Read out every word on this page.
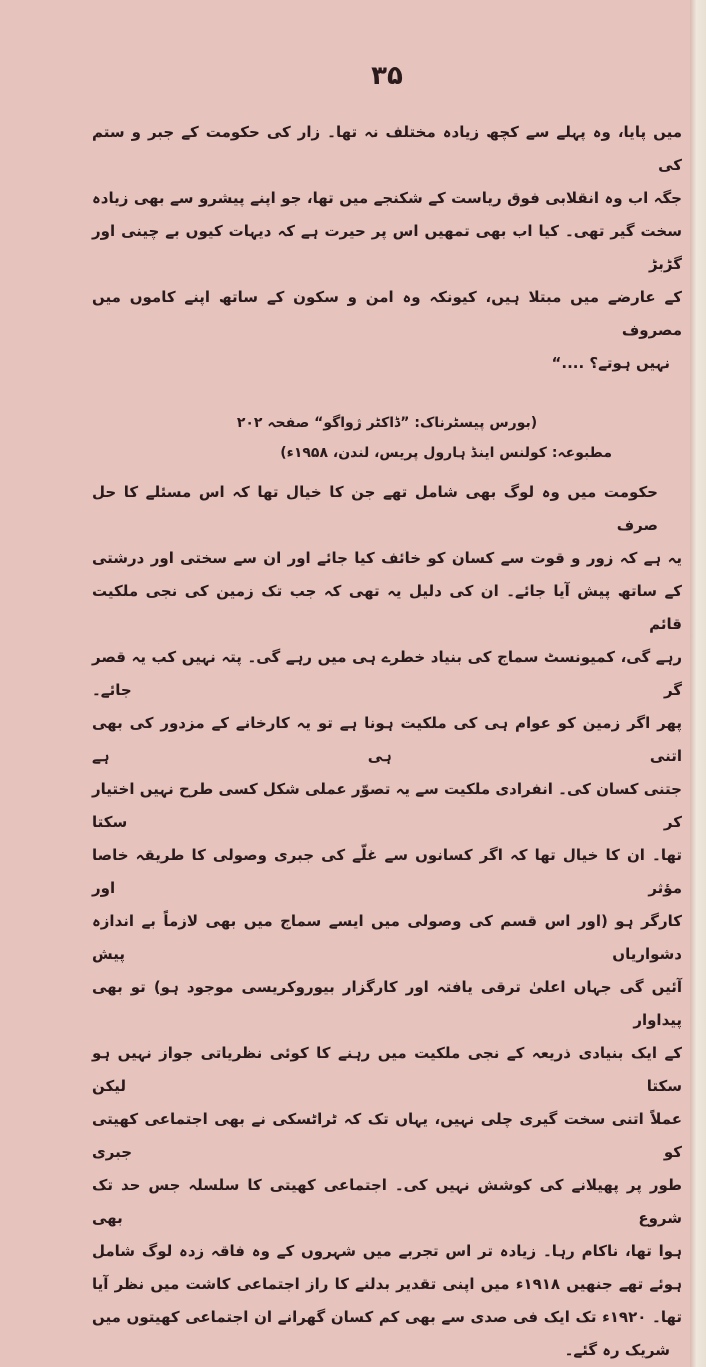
۳۵
میں پایا، وہ پہلے سے کچھ زیادہ مختلف نہ تھا۔ زار کی حکومت کے جبر و ستم کی
جگہ اب وہ انقلابی فوق ریاست کے شکنجے میں تھا، جو اپنے پیشرو سے بھی زیادہ
سخت گیر تھی۔ کیا اب بھی تمھیں اس پر حیرت ہے کہ دیہات کیوں بے چینی اور گڑبڑ
کے عارضے میں مبتلا ہیں، کیونکہ وہ امن و سکون کے ساتھ اپنے کاموں میں مصروف
نہیں ہوتے؟ ....“
(بورس پیسٹرناک: ”ڈاکٹر ژواگو“ صفحہ ۲۰۲
مطبوعہ: کولنس اینڈ ہارول پریس، لندن، ۱۹۵۸ء)
حکومت میں وہ لوگ بھی شامل تھے جن کا خیال تھا کہ اس مسئلے کا حل صرف
یہ ہے کہ زور و قوت سے کسان کو خائف کیا جائے اور ان سے سختی اور درشتی
کے ساتھ پیش آیا جائے۔ ان کی دلیل یہ تھی کہ جب تک زمین کی نجی ملکیت قائم
رہے گی، کمیونسٹ سماج کی بنیاد خطرے ہی میں رہے گی۔ پتہ نہیں کب یہ قصر گر جائے۔
پھر اگر زمین کو عوام ہی کی ملکیت ہونا ہے تو یہ کارخانے کے مزدور کی بھی اتنی ہی ہے
جتنی کسان کی۔ انفرادی ملکیت سے یہ تصوّر عملی شکل کسی طرح نہیں اختیار کر سکتا
تھا۔ ان کا خیال تھا کہ اگر کسانوں سے غلّے کی جبری وصولی کا طریقہ خاصا مؤثر اور
کارگر ہو (اور اس قسم کی وصولی میں ایسے سماج میں بھی لازماً بے اندازہ دشواریاں پیش
آئیں گی جہاں اعلیٰ ترقی یافتہ اور کارگزار بیوروکریسی موجود ہو) تو بھی پیداوار
کے ایک بنیادی ذریعہ کے نجی ملکیت میں رہنے کا کوئی نظریاتی جواز نہیں ہو سکتا لیکن
عملاً اتنی سخت گیری چلی نہیں، یہاں تک کہ ٹراٹسکی نے بھی اجتماعی کھیتی کو جبری
طور پر پھیلانے کی کوشش نہیں کی۔ اجتماعی کھیتی کا سلسلہ جس حد تک شروع بھی
ہوا تھا، ناکام رہا۔ زیادہ تر اس تجربے میں شہروں کے وہ فاقہ زدہ لوگ شامل
ہوئے تھے جنھیں ۱۹۱۸ء میں اپنی تقدیر بدلنے کا راز اجتماعی کاشت میں نظر آیا
تھا۔ ۱۹۲۰ء تک ایک فی صدی سے بھی کم کسان گھرانے ان اجتماعی کھیتوں میں
شریک رہ گئے۔
